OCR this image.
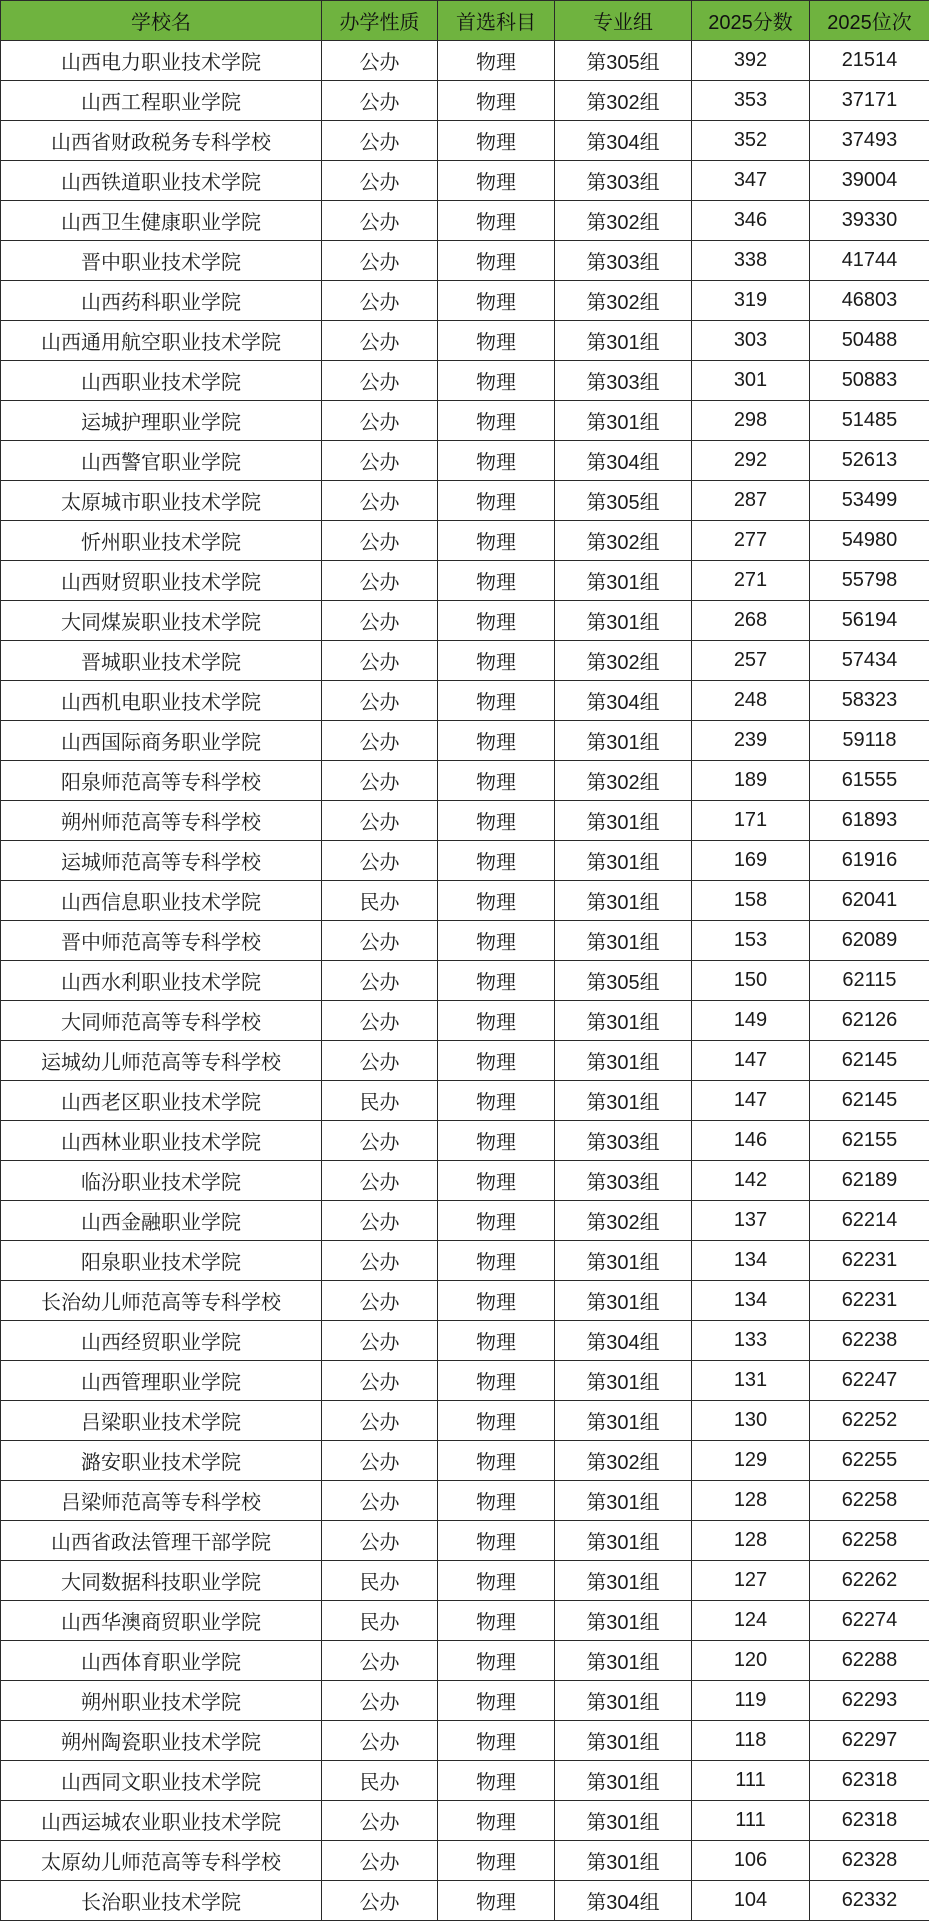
学校名	办学性质	首选科目	专业组	2025分数	2025位次
山西电力职业技术学院	公办	物理	第305组	392	21514
山西工程职业学院	公办	物理	第302组	353	37171
山西省财政税务专科学校	公办	物理	第304组	352	37493
山西铁道职业技术学院	公办	物理	第303组	347	39004
山西卫生健康职业学院	公办	物理	第302组	346	39330
晋中职业技术学院	公办	物理	第303组	338	41744
山西药科职业学院	公办	物理	第302组	319	46803
山西通用航空职业技术学院	公办	物理	第301组	303	50488
山西职业技术学院	公办	物理	第303组	301	50883
运城护理职业学院	公办	物理	第301组	298	51485
山西警官职业学院	公办	物理	第304组	292	52613
太原城市职业技术学院	公办	物理	第305组	287	53499
忻州职业技术学院	公办	物理	第302组	277	54980
山西财贸职业技术学院	公办	物理	第301组	271	55798
大同煤炭职业技术学院	公办	物理	第301组	268	56194
晋城职业技术学院	公办	物理	第302组	257	57434
山西机电职业技术学院	公办	物理	第304组	248	58323
山西国际商务职业学院	公办	物理	第301组	239	59118
阳泉师范高等专科学校	公办	物理	第302组	189	61555
朔州师范高等专科学校	公办	物理	第301组	171	61893
运城师范高等专科学校	公办	物理	第301组	169	61916
山西信息职业技术学院	民办	物理	第301组	158	62041
晋中师范高等专科学校	公办	物理	第301组	153	62089
山西水利职业技术学院	公办	物理	第305组	150	62115
大同师范高等专科学校	公办	物理	第301组	149	62126
运城幼儿师范高等专科学校	公办	物理	第301组	147	62145
山西老区职业技术学院	民办	物理	第301组	147	62145
山西林业职业技术学院	公办	物理	第303组	146	62155
临汾职业技术学院	公办	物理	第303组	142	62189
山西金融职业学院	公办	物理	第302组	137	62214
阳泉职业技术学院	公办	物理	第301组	134	62231
长治幼儿师范高等专科学校	公办	物理	第301组	134	62231
山西经贸职业学院	公办	物理	第304组	133	62238
山西管理职业学院	公办	物理	第301组	131	62247
吕梁职业技术学院	公办	物理	第301组	130	62252
潞安职业技术学院	公办	物理	第302组	129	62255
吕梁师范高等专科学校	公办	物理	第301组	128	62258
山西省政法管理干部学院	公办	物理	第301组	128	62258
大同数据科技职业学院	民办	物理	第301组	127	62262
山西华澳商贸职业学院	民办	物理	第301组	124	62274
山西体育职业学院	公办	物理	第301组	120	62288
朔州职业技术学院	公办	物理	第301组	119	62293
朔州陶瓷职业技术学院	公办	物理	第301组	118	62297
山西同文职业技术学院	民办	物理	第301组	111	62318
山西运城农业职业技术学院	公办	物理	第301组	111	62318
太原幼儿师范高等专科学校	公办	物理	第301组	106	62328
长治职业技术学院	公办	物理	第304组	104	62332
